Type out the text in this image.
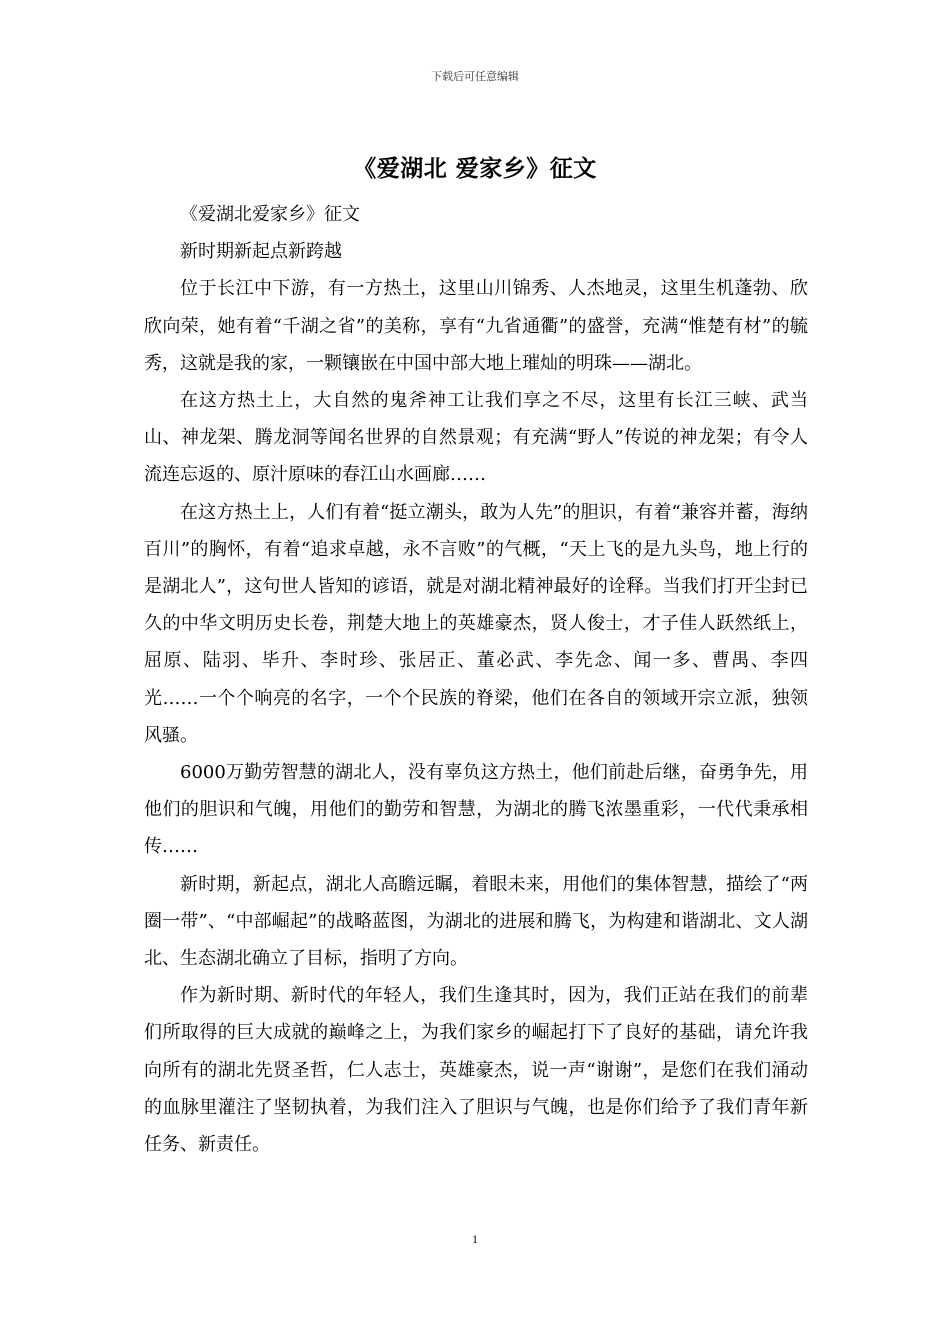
下载后可任意编辑
《爱湖北 爱家乡》征文

《爱湖北爱家乡》征文

新时期新起点新跨越

位于长江中下游，有一方热土，这里山川锦秀、人杰地灵，这里生机蓬勃、欣欣向荣，她有着“千湖之省”的美称，享有“九省通衢”的盛誉，充满“惟楚有材”的毓秀，这就是我的家，一颗镶嵌在中国中部大地上璀灿的明珠——湖北。

在这方热土上，大自然的鬼斧神工让我们享之不尽，这里有长江三峡、武当山、神龙架、腾龙洞等闻名世界的自然景观；有充满“野人”传说的神龙架；有令人流连忘返的、原汁原味的春江山水画廊……

在这方热土上，人们有着“挺立潮头，敢为人先”的胆识，有着“兼容并蓄，海纳百川”的胸怀，有着“追求卓越，永不言败”的气概，“天上飞的是九头鸟，地上行的是湖北人”，这句世人皆知的谚语，就是对湖北精神最好的诠释。当我们打开尘封已久的中华文明历史长卷，荆楚大地上的英雄豪杰，贤人俊士，才子佳人跃然纸上，屈原、陆羽、毕升、李时珍、张居正、董必武、李先念、闻一多、曹禺、李四光……一个个响亮的名字，一个个民族的脊梁，他们在各自的领域开宗立派，独领风骚。

6000万勤劳智慧的湖北人，没有辜负这方热土，他们前赴后继，奋勇争先，用他们的胆识和气魄，用他们的勤劳和智慧，为湖北的腾飞浓墨重彩，一代代秉承相传……

新时期，新起点，湖北人高瞻远瞩，着眼未来，用他们的集体智慧，描绘了“两圈一带”、“中部崛起”的战略蓝图，为湖北的进展和腾飞，为构建和谐湖北、文人湖北、生态湖北确立了目标，指明了方向。

作为新时期、新时代的年轻人，我们生逢其时，因为，我们正站在我们的前辈们所取得的巨大成就的巅峰之上，为我们家乡的崛起打下了良好的基础，请允许我向所有的湖北先贤圣哲，仁人志士，英雄豪杰，说一声“谢谢”，是您们在我们涌动的血脉里灌注了坚韧执着，为我们注入了胆识与气魄，也是你们给予了我们青年新任务、新责任。

1
